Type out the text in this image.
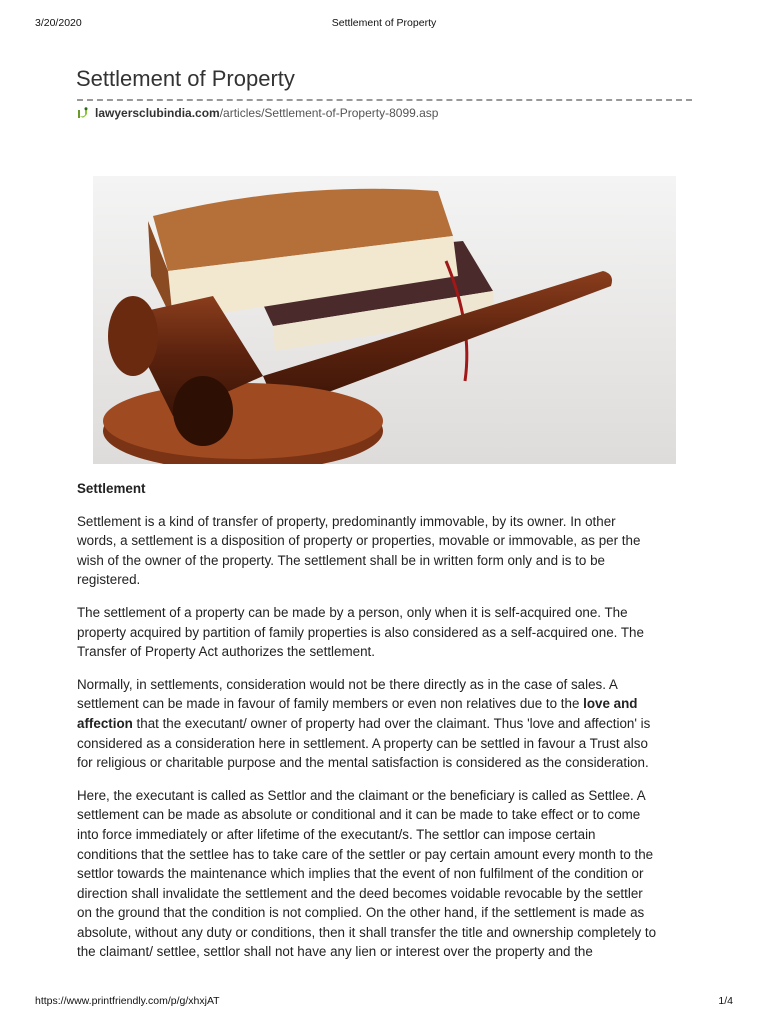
3/20/2020	Settlement of Property
Settlement of Property
lawyersclubindia.com/articles/Settlement-of-Property-8099.asp
Settlement

Settlement is a kind of transfer of property, predominantly immovable, by its owner. In other
words, a settlement is a disposition of property or properties, movable or immovable, as per the
wish of the owner of the property. The settlement shall be in written form only and is to be
registered.

The settlement of a property can be made by a person, only when it is self-acquired one. The
property acquired by partition of family properties is also considered as a self-acquired one. The
Transfer of Property Act authorizes the settlement.

Normally, in settlements, consideration would not be there directly as in the case of sales. A
settlement can be made in favour of family members or even non relatives due to the love and
affection that the executant/ owner of property had over the claimant. Thus 'love and affection' is
considered as a consideration here in settlement. A property can be settled in favour a Trust also
for religious or charitable purpose and the mental satisfaction is considered as the consideration.

Here, the executant is called as Settlor and the claimant or the beneficiary is called as Settlee. A
settlement can be made as absolute or conditional and it can be made to take effect or to come
into force immediately or after lifetime of the executant/s. The settlor can impose certain
conditions that the settlee has to take care of the settler or pay certain amount every month to the
settlor towards the maintenance which implies that the event of non fulfilment of the condition or
direction shall invalidate the settlement and the deed becomes voidable revocable by the settler
on the ground that the condition is not complied. On the other hand, if the settlement is made as
absolute, without any duty or conditions, then it shall transfer the title and ownership completely to
the claimant/ settlee, settlor shall not have any lien or interest over the property and the

https://www.printfriendly.com/p/g/xhxjAT	1/4
